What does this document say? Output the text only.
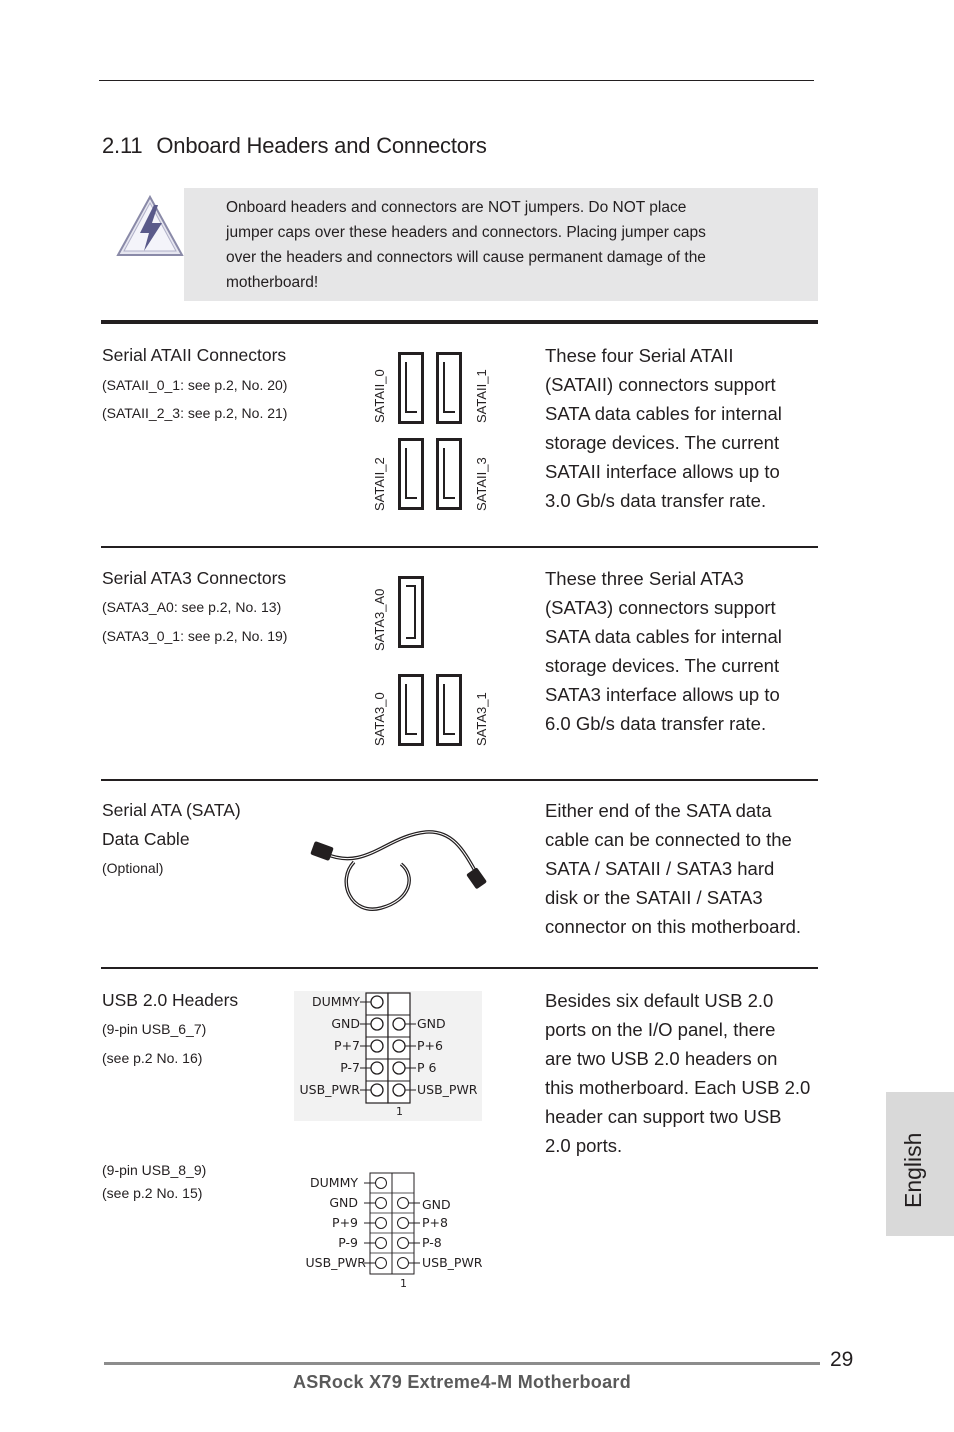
2.11 Onboard Headers and Connectors
Onboard headers and connectors are NOT jumpers. Do NOT place
jumper caps over these headers and connectors. Placing jumper caps
over the headers and connectors will cause permanent damage of the
motherboard!
Serial ATAII Connectors
(SATAII_0_1: see p.2, No. 20)
(SATAII_2_3: see p.2, No. 21)	SATAII_0	SATAII_1
SATAII_2	SATAII_3
These four Serial ATAII
(SATAII) connectors support
SATA data cables for internal
storage devices. The current
SATAII interface allows up to
3.0 Gb/s data transfer rate.
Serial ATA3 Connectors
(SATA3_A0: see p.2, No. 13)
(SATA3_0_1: see p.2, No. 19)	SATA3_A0
SATA3_0	SATA3_1
These three Serial ATA3
(SATA3) connectors support
SATA data cables for internal
storage devices. The current
SATA3 interface allows up to
6.0 Gb/s data transfer rate.
Serial ATA (SATA)
Data Cable
(Optional)
Either end of the SATA data
cable can be connected to the
SATA / SATAII / SATA3 hard
disk or the SATAII / SATA3
connector on this motherboard.
USB 2.0 Headers
(9-pin USB_6_7)
(see p.2 No. 16)
DUMMY
GND
P+7
P-7
USB_PWR
GND
P+6
P 6
USB_PWR
1
(9-pin USB_8_9)
(see p.2 No. 15)
DUMMY
GND
P+9
P-9
USB_PWR
GND
P+8
P-8
USB_PWR
1
Besides six default USB 2.0
ports on the I/O panel, there
are two USB 2.0 headers on
this motherboard. Each USB 2.0
header can support two USB
2.0 ports.	English
29
ASRock X79 Extreme4-M Motherboard
